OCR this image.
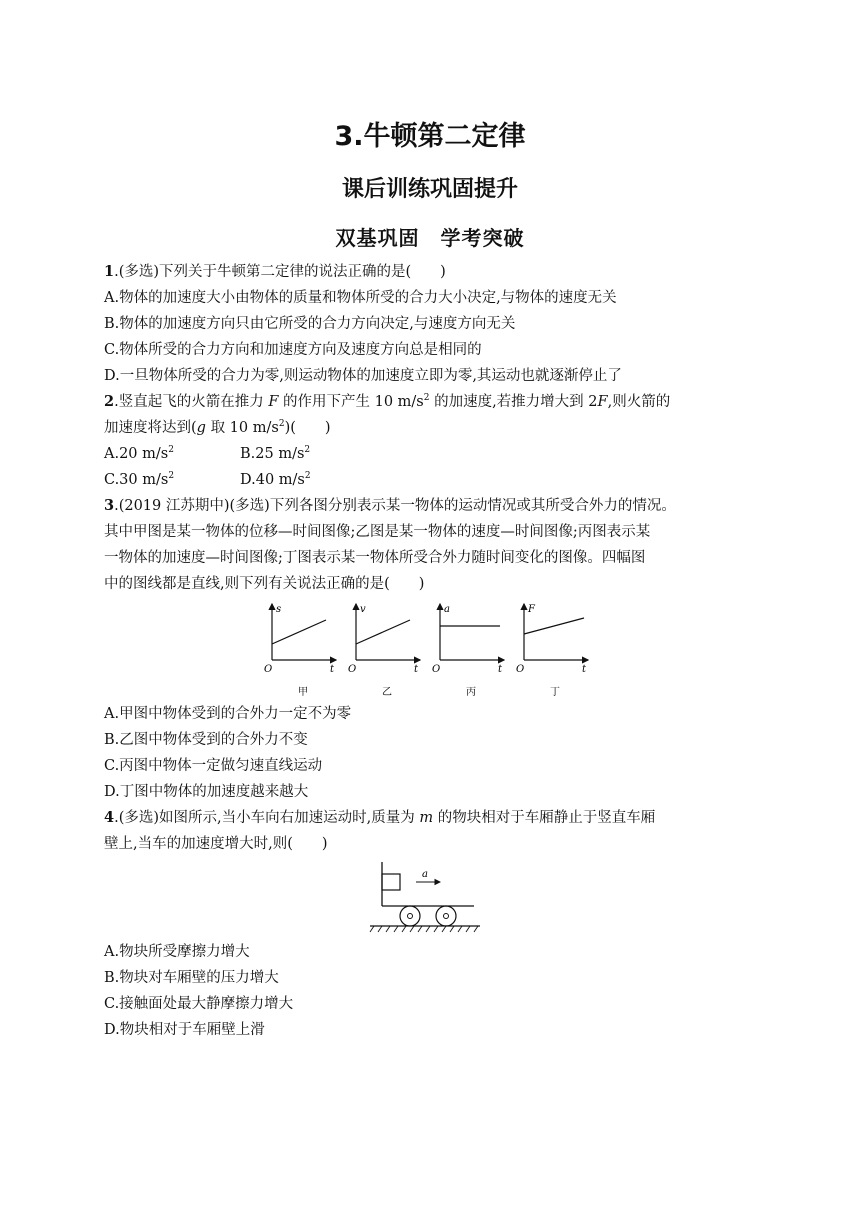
3.牛顿第二定律
课后训练巩固提升
双基巩固　学考突破
1.(多选)下列关于牛顿第二定律的说法正确的是(　　)
A.物体的加速度大小由物体的质量和物体所受的合力大小决定,与物体的速度无关
B.物体的加速度方向只由它所受的合力方向决定,与速度方向无关
C.物体所受的合力方向和加速度方向及速度方向总是相同的
D.一旦物体所受的合力为零,则运动物体的加速度立即为零,其运动也就逐渐停止了
2.竖直起飞的火箭在推力 F 的作用下产生 10 $m/s^2$ 的加速度,若推力增大到 2F,则火箭的
加速度将达到(g 取 10 $m/s^2$)(　　)
A.20 $m/s^2$	B.25 $m/s^2$
C.30 $m/s^2$	D.40 $m/s^2$
3.(2019 江苏期中)(多选)下列各图分别表示某一物体的运动情况或其所受合外力的情况。
其中甲图是某一物体的位移—时间图像;乙图是某一物体的速度—时间图像;丙图表示某
一物体的加速度—时间图像;丁图表示某一物体所受合外力随时间变化的图像。四幅图
中的图线都是直线,则下列有关说法正确的是(　　)
s
O	t
甲
v
O	t
乙
a
O	t
丙
F
O	t
丁
A.甲图中物体受到的合外力一定不为零
B.乙图中物体受到的合外力不变
C.丙图中物体一定做匀速直线运动
D.丁图中物体的加速度越来越大
4.(多选)如图所示,当小车向右加速运动时,质量为 m 的物块相对于车厢静止于竖直车厢
壁上,当车的加速度增大时,则(　　)
a
A.物块所受摩擦力增大
B.物块对车厢壁的压力增大
C.接触面处最大静摩擦力增大
D.物块相对于车厢壁上滑
